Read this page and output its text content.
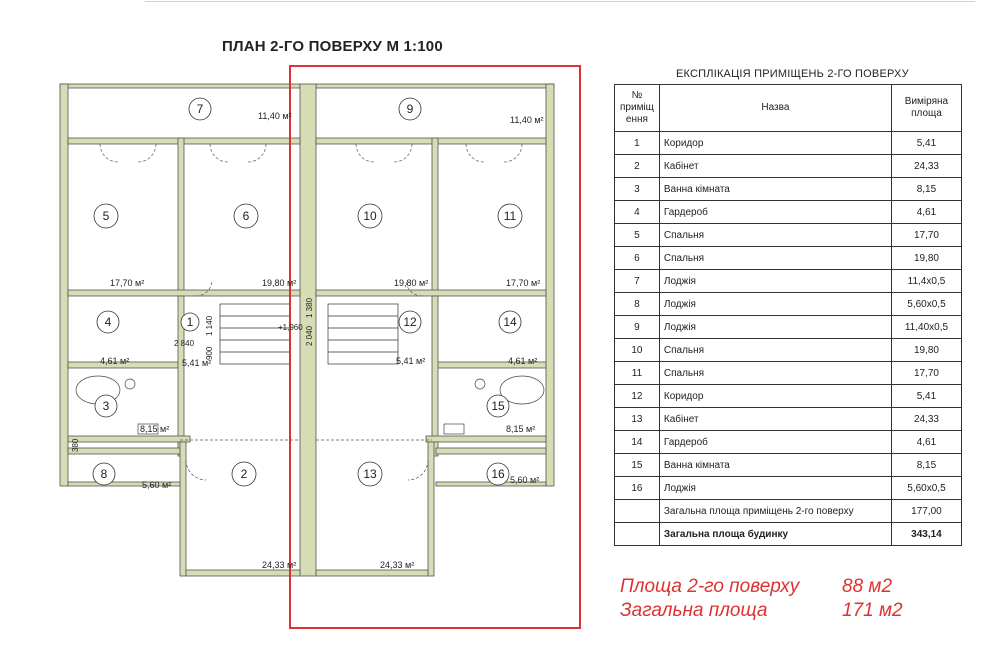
ПЛАН 2-ГО ПОВЕРХУ М 1:100
ЕКСПЛІКАЦІЯ ПРИМІЩЕНЬ 2-ГО ПОВЕРХУ
7	9
5	6	10	11
4	1	12	14
3	15
8	2	13	16
11,40 м²	11,40 м²
17,70 м²	19,80 м²	19,80 м²	17,70 м²
4,61 м²	5,41 м²	5,41 м²	4,61 м²
8,15 м²	8,15 м²
5,60 м²	5,60 м²
24,33 м²	24,33 м²
1 140
2 840
900
2 040
1 380
+1,960
380
№ приміщ ення	Назва	Виміряна площа
1	Коридор	5,41
2	Кабінет	24,33
3	Ванна кімната	8,15
4	Гардероб	4,61
5	Спальня	17,70
6	Спальня	19,80
7	Лоджія	11,4x0,5
8	Лоджія	5,60x0,5
9	Лоджія	11,40x0,5
10	Спальня	19,80
11	Спальня	17,70
12	Коридор	5,41
13	Кабінет	24,33
14	Гардероб	4,61
15	Ванна кімната	8,15
16	Лоджія	5,60x0,5
	Загальна площа приміщень 2-го поверху	177,00
	Загальна площа будинку	343,14
Площа 2-го поверху 88 м2
Загальна площа	171 м2
